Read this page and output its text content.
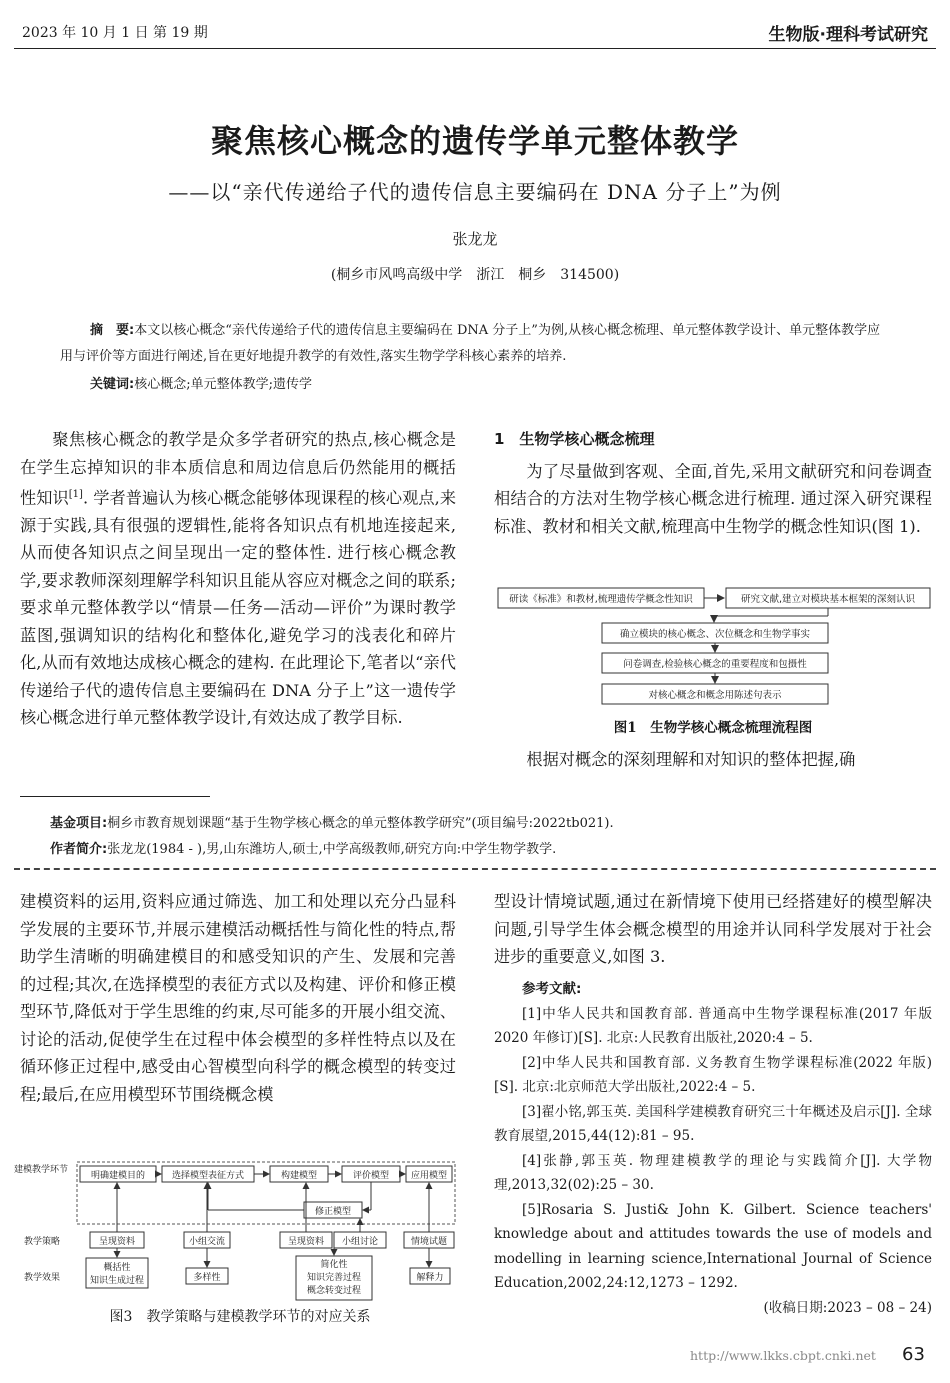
2023 年 10 月 1 日 第 19 期	生物版·理科考试研究
聚焦核心概念的遗传学单元整体教学
——以“亲代传递给子代的遗传信息主要编码在 DNA 分子上”为例
张龙龙
(桐乡市风鸣高级中学　浙江　桐乡　314500)
摘　要:本文以核心概念“亲代传递给子代的遗传信息主要编码在 DNA 分子上”为例,从核心概念梳理、单元整体教学设计、单元整体教学应用与评价等方面进行阐述,旨在更好地提升教学的有效性,落实生物学学科核心素养的培养.
关键词:核心概念;单元整体教学;遗传学

聚焦核心概念的教学是众多学者研究的热点,核心概念是在学生忘掉知识的非本质信息和周边信息后仍然能用的概括性知识[1]. 学者普遍认为核心概念能够体现课程的核心观点,来源于实践,具有很强的逻辑性,能将各知识点有机地连接起来,从而使各知识点之间呈现出一定的整体性. 进行核心概念教学,要求教师深刻理解学科知识且能从容应对概念之间的联系;要求单元整体教学以“情景—任务—活动—评价”为课时教学蓝图,强调知识的结构化和整体化,避免学习的浅表化和碎片化,从而有效地达成核心概念的建构. 在此理论下,笔者以“亲代传递给子代的遗传信息主要编码在 DNA 分子上”这一遗传学核心概念进行单元整体教学设计,有效达成了教学目标.

1　生物学核心概念梳理

为了尽量做到客观、全面,首先,采用文献研究和问卷调查相结合的方法对生物学核心概念进行梳理. 通过深入研究课程标准、教材和相关文献,梳理高中生物学的概念性知识(图 1).

研读《标准》和教材,梳理遗传学概念性知识	研究文献,建立对模块基本框架的深刻认识
确立模块的核心概念、次位概念和生物学事实
问卷调查,检验核心概念的重要程度和包摄性
对核心概念和概念用陈述句表示
图1　生物学核心概念梳理流程图

根据对概念的深刻理解和对知识的整体把握,确

基金项目:桐乡市教育规划课题“基于生物学核心概念的单元整体教学研究”(项目编号:2022tb021).
作者简介:张龙龙(1984 - ),男,山东潍坊人,硕士,中学高级教师,研究方向:中学生物学教学.

建模资料的运用,资料应通过筛选、加工和处理以充分凸显科学发展的主要环节,并展示建模活动概括性与简化性的特点,帮助学生清晰的明确建模目的和感受知识的产生、发展和完善的过程;其次,在选择模型的表征方式以及构建、评价和修正模型环节,降低对于学生思维的约束,尽可能多的开展小组交流、讨论的活动,促使学生在过程中体会模型的多样性特点以及在循环修正过程中,感受由心智模型向科学的概念模型的转变过程;最后,在应用模型环节围绕概念模

建模教学环节
教学策略
教学效果
明确建模目的	选择模型表征方式	构建模型	评价模型 应用模型
修正模型
呈现资料	小组交流	呈现资料 小组讨论	情境试题
概括性
知识生成过程	多样性
简化性
知识完善过程
概念转变过程
解释力
图3　教学策略与建模教学环节的对应关系

型设计情境试题,通过在新情境下使用已经搭建好的模型解决问题,引导学生体会概念模型的用途并认同科学发展对于社会进步的重要意义,如图 3.

参考文献:

[1]中华人民共和国教育部. 普通高中生物学课程标准(2017 年版 2020 年修订)[S]. 北京:人民教育出版社,2020:4 – 5.

[2]中华人民共和国教育部. 义务教育生物学课程标准(2022 年版)[S]. 北京:北京师范大学出版社,2022:4 – 5.

[3]翟小铭,郭玉英. 美国科学建模教育研究三十年概述及启示[J]. 全球教育展望,2015,44(12):81 – 95.

[4]张静,郭玉英. 物理建模教学的理论与实践简介[J]. 大学物理,2013,32(02):25 – 30.

[5]Rosaria S. Justi& John K. Gilbert. Science teachers' knowledge about and attitudes towards the use of models and modelling in learning science,International Journal of Science Education,2002,24:12,1273 – 1292.

(收稿日期:2023 – 08 – 24)
http://www.lkks.cbpt.cnki.net 63
